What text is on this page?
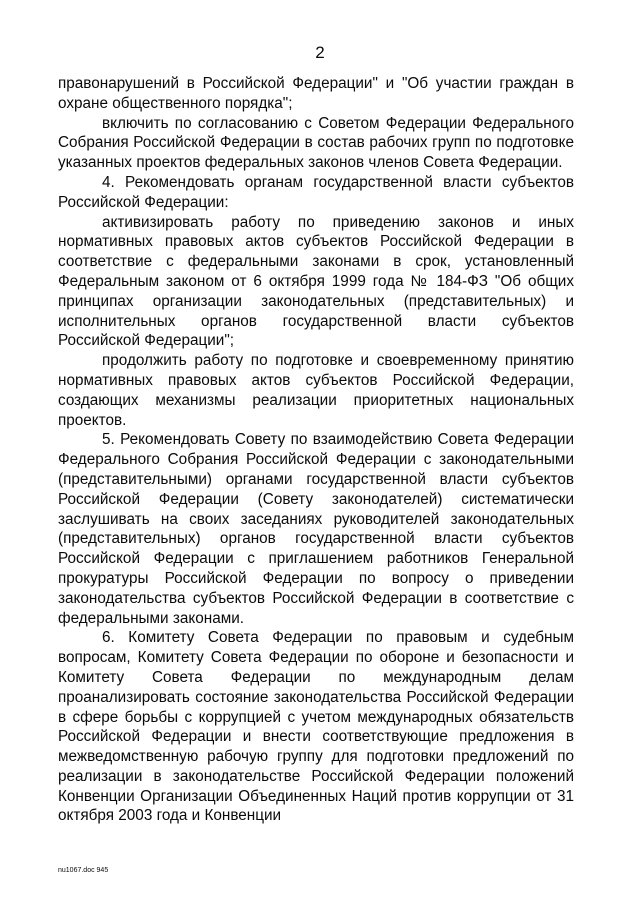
2

правонарушений в Российской Федерации" и "Об участии граждан в охране общественного порядка";

включить по согласованию с Советом Федерации Федерального Собрания Российской Федерации в состав рабочих групп по подготовке указанных проектов федеральных законов членов Совета Федерации.

4. Рекомендовать органам государственной власти субъектов Российской Федерации:

активизировать работу по приведению законов и иных нормативных правовых актов субъектов Российской Федерации в соответствие с федеральными законами в срок, установленный Федеральным законом от 6 октября 1999 года № 184-ФЗ "Об общих принципах организации законодательных (представительных) и исполнительных органов государственной власти субъектов Российской Федерации";

продолжить работу по подготовке и своевременному принятию нормативных правовых актов субъектов Российской Федерации, создающих механизмы реализации приоритетных национальных проектов.

5. Рекомендовать Совету по взаимодействию Совета Федерации Федерального Собрания Российской Федерации с законодательными (представительными) органами государственной власти субъектов Российской Федерации (Совету законодателей) систематически заслушивать на своих заседаниях руководителей законодательных (представительных) органов государственной власти субъектов Российской Федерации с приглашением работников Генеральной прокуратуры Российской Федерации по вопросу о приведении законодательства субъектов Российской Федерации в соответствие с федеральными законами.

6. Комитету Совета Федерации по правовым и судебным вопросам, Комитету Совета Федерации по обороне и безопасности и Комитету Совета Федерации по международным делам проанализировать состояние законодательства Российской Федерации в сфере борьбы с коррупцией с учетом международных обязательств Российской Федерации и внести соответствующие предложения в межведомственную рабочую группу для подготовки предложений по реализации в законодательстве Российской Федерации положений Конвенции Организации Объединенных Наций против коррупции от 31 октября 2003 года и Конвенции

nu1067.doc 945
